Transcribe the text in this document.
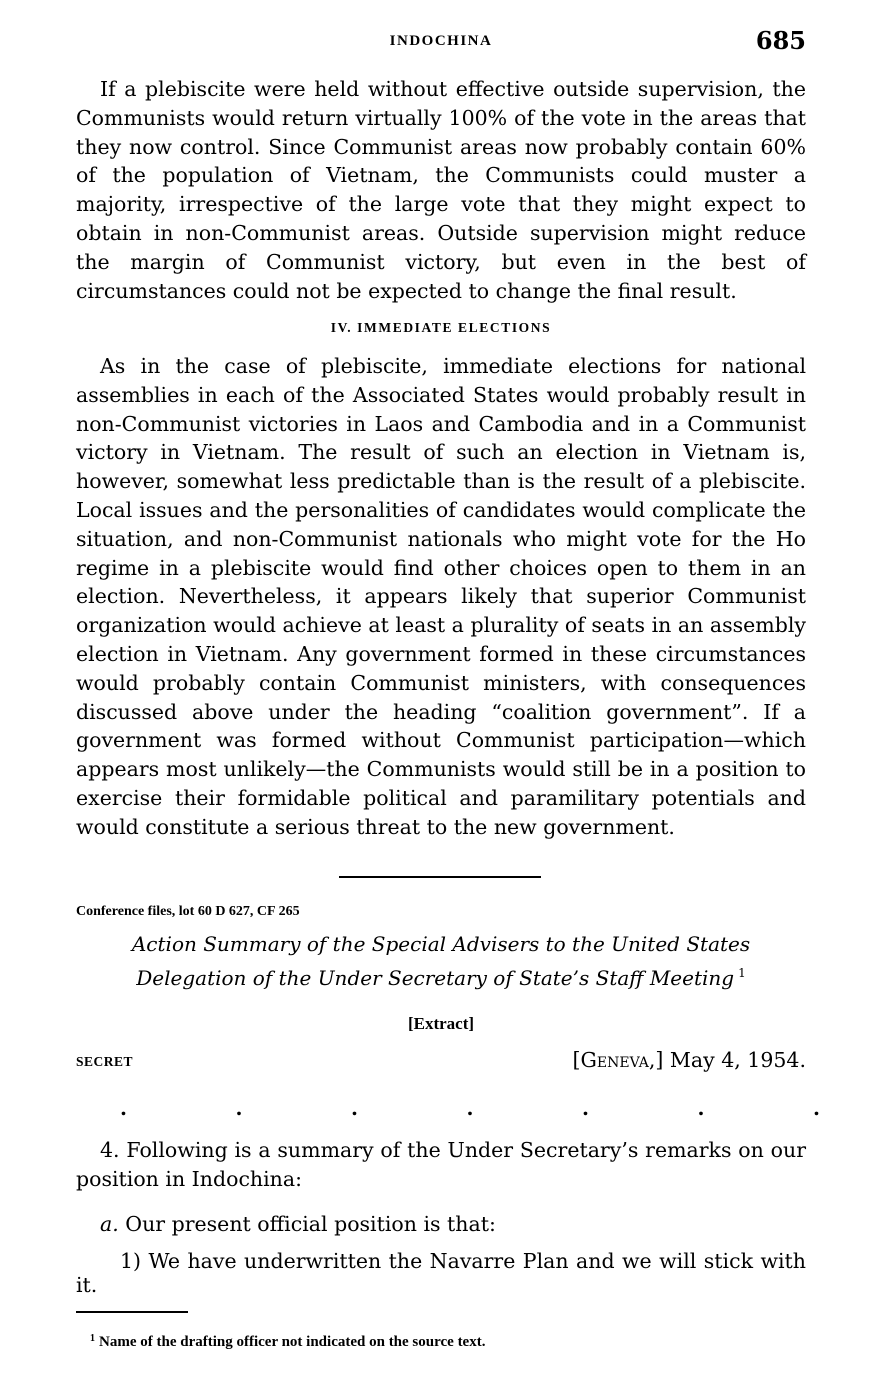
INDOCHINA	685

If a plebiscite were held without effective outside supervision, the Communists would return virtually 100% of the vote in the areas that they now control. Since Communist areas now probably contain 60% of the population of Vietnam, the Communists could muster a majority, irrespective of the large vote that they might expect to obtain in non-Communist areas. Outside supervision might reduce the margin of Communist victory, but even in the best of circumstances could not be expected to change the final result.

IV. IMMEDIATE ELECTIONS

As in the case of plebiscite, immediate elections for national assemblies in each of the Associated States would probably result in non-Communist victories in Laos and Cambodia and in a Communist victory in Vietnam. The result of such an election in Vietnam is, however, somewhat less predictable than is the result of a plebiscite. Local issues and the personalities of candidates would complicate the situation, and non-Communist nationals who might vote for the Ho regime in a plebiscite would find other choices open to them in an election. Nevertheless, it appears likely that superior Communist organization would achieve at least a plurality of seats in an assembly election in Vietnam. Any government formed in these circumstances would probably contain Communist ministers, with consequences discussed above under the heading “coalition government”. If a government was formed without Communist participation—which appears most unlikely—the Communists would still be in a position to exercise their formidable political and paramilitary potentials and would constitute a serious threat to the new government.

Conference files, lot 60 D 627, CF 265
Action Summary of the Special Advisers to the United States
Delegation of the Under Secretary of State’s Staff Meeting $^1$
[Extract]
SECRET	[Geneva,] May 4, 1954.
.	.	.	.	.	.	.

4. Following is a summary of the Under Secretary’s remarks on our position in Indochina:

a. Our present official position is that:

1) We have underwritten the Navarre Plan and we will stick with it.

$^1$ Name of the drafting officer not indicated on the source text.
